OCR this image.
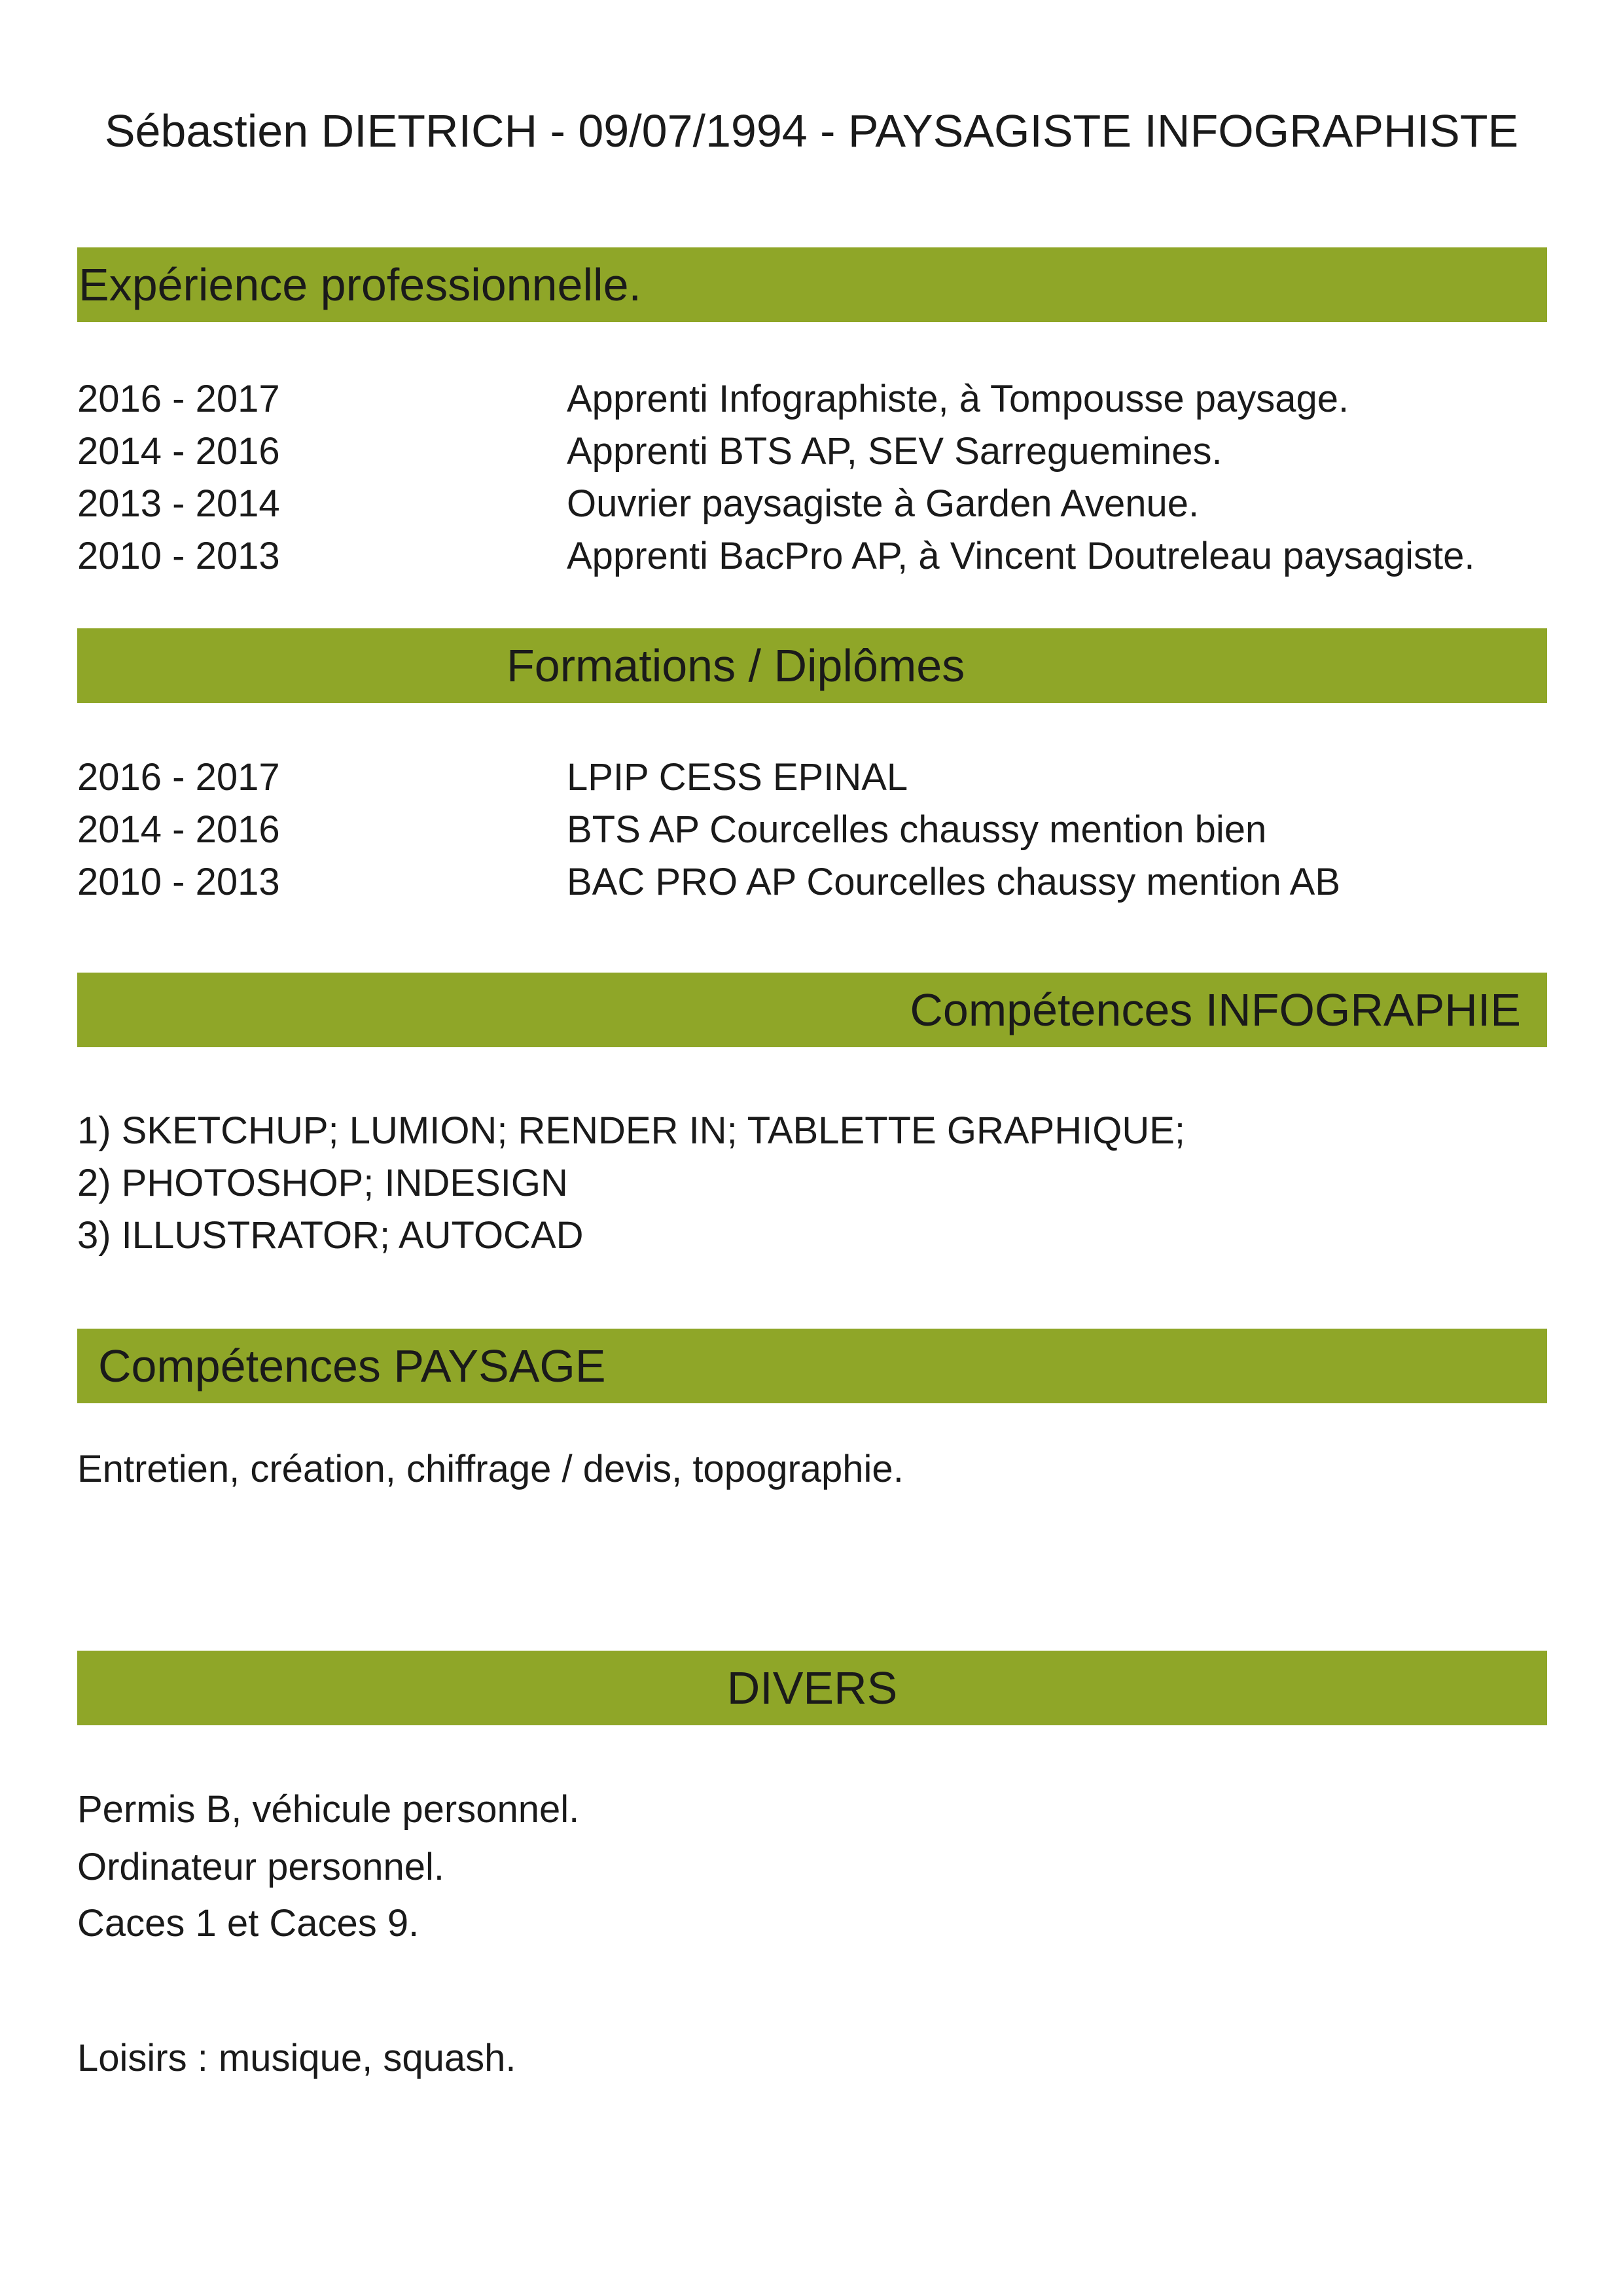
Sébastien DIETRICH - 09/07/1994 - PAYSAGISTE INFOGRAPHISTE
Expérience professionnelle.
2016 - 2017	Apprenti Infographiste, à Tompousse paysage.
2014 - 2016	Apprenti BTS AP, SEV Sarreguemines.
2013 - 2014	Ouvrier paysagiste à Garden Avenue.
2010 - 2013	Apprenti BacPro AP, à Vincent Doutreleau paysagiste.
Formations / Diplômes
2016 - 2017	LPIP CESS EPINAL
2014 - 2016	BTS AP Courcelles chaussy mention bien
2010 - 2013	BAC PRO AP Courcelles chaussy mention AB
Compétences INFOGRAPHIE
1) SKETCHUP; LUMION; RENDER IN; TABLETTE GRAPHIQUE;
2) PHOTOSHOP; INDESIGN
3) ILLUSTRATOR; AUTOCAD
Compétences PAYSAGE
Entretien, création, chiffrage / devis, topographie.
DIVERS
Permis B, véhicule personnel.
Ordinateur personnel.
Caces 1 et Caces 9.
Loisirs : musique, squash.
